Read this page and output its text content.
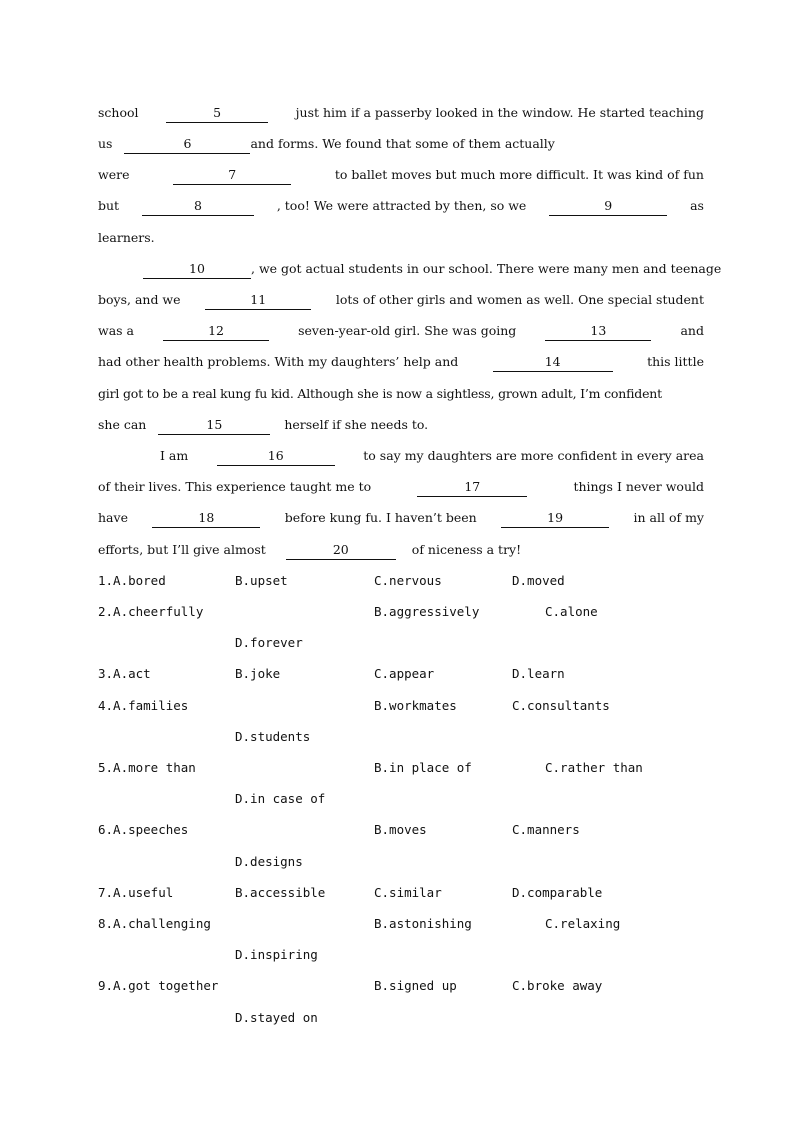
school	5	just him if a passerby looked in the window. He started teaching
us	6	and forms. We found that some of them actually
were	7	to ballet moves but much more difficult. It was kind of fun
but	8	, too! We were attracted by then, so we	9	as
learners.
10	, we got actual students in our school. There were many men and teenage
boys, and we	11	lots of other girls and women as well. One special student
was a	12	seven-year-old girl. She was going	13	and
had other health problems. With my daughters’ help and	14	this little
girl got to be a real kung fu kid. Although she is now a sightless, grown adult, I’m confident
she can	15	herself if she needs to.
I am	16	to say my daughters are more confident in every area
of their lives. This experience taught me to	17	things I never would
have	18	before kung fu. I haven’t been	19	in all of my
efforts, but I’ll give almost	20	of niceness a try!
1.A.bored	B.upset	C.nervous	D.moved
2.A.cheerfully	B.aggressively	C.alone
D.forever
3.A.act	B.joke	C.appear	D.learn
4.A.families	B.workmates	C.consultants
D.students
5.A.more than	B.in place of	C.rather than
D.in case of
6.A.speeches	B.moves	C.manners
D.designs
7.A.useful	B.accessible	C.similar	D.comparable
8.A.challenging	B.astonishing	C.relaxing
D.inspiring
9.A.got together	B.signed up	C.broke away
D.stayed on
